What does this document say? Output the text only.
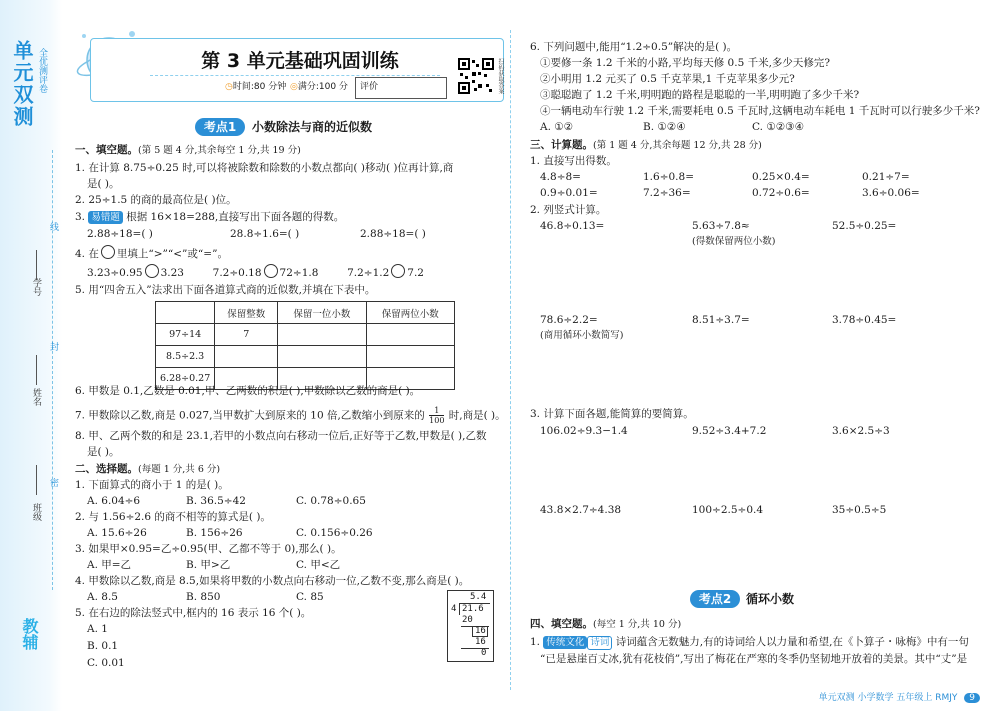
单元双测 全优测评卷
学号
姓名
班级
线
封
密
教辅
第 3 单元基础巩固训练
◷时间:80 分钟 ◎满分:100 分 评价	扫码获取答案
考点1	小数除法与商的近似数
一、填空题。(第 5 题 4 分,其余每空 1 分,共 19 分)
1. 在计算 8.75÷0.25 时,可以将被除数和除数的小数点都向( )移动( )位再计算,商
是( )。
2. 25÷1.5 的商的最高位是( )位。
3. 易错题 根据 16×18=288,直接写出下面各题的得数。
2.88÷18=( )	28.8÷1.6=( )	2.88÷18=( )
4. 在 里填上“>”“<”或“=”。
3.23÷0.95 3.23	7.2÷0.18 72÷1.8	7.2÷1.2 7.2
5. 用“四舍五入”法求出下面各道算式商的近似数,并填在下表中。
	保留整数	保留一位小数	保留两位小数
97÷14	7		
8.5÷2.3			
6.28÷0.27			
6. 甲数是 0.1,乙数是 0.01,甲、乙两数的积是( ),甲数除以乙数的商是( )。
7. 甲数除以乙数,商是 0.027,当甲数扩大到原来的 10 倍,乙数缩小到原来的 $\frac{1}{100}$ 时,商是( )。
8. 甲、乙两个数的和是 23.1,若甲的小数点向右移动一位后,正好等于乙数,甲数是( ),乙数
是( )。
二、选择题。(每题 1 分,共 6 分)
1. 下面算式的商小于 1 的是( )。
A. 6.04÷6	B. 36.5÷42	C. 0.78÷0.65
2. 与 1.56÷2.6 的商不相等的算式是( )。
A. 15.6÷26	B. 156÷26	C. 0.156÷0.26
3. 如果甲×0.95=乙÷0.95(甲、乙都不等于 0),那么( )。
A. 甲=乙	B. 甲>乙	C. 甲<乙
4. 甲数除以乙数,商是 8.5,如果将甲数的小数点向右移动一位,乙数不变,那么商是( )。
A. 8.5	B. 850	C. 85
5. 在右边的除法竖式中,框内的 16 表示 16 个( )。
A. 1
B. 0.1
C. 0.01
5.4
4 21.6
20
16
16
0
6. 下列问题中,能用“1.2÷0.5”解决的是( )。
①要修一条 1.2 千米的小路,平均每天修 0.5 千米,多少天修完?
②小明用 1.2 元买了 0.5 千克苹果,1 千克苹果多少元?
③聪聪跑了 1.2 千米,明明跑的路程是聪聪的一半,明明跑了多少千米?
④一辆电动车行驶 1.2 千米,需要耗电 0.5 千瓦时,这辆电动车耗电 1 千瓦时可以行驶多少千米?
A. ①②	B. ①②④	C. ①②③④
三、计算题。(第 1 题 4 分,其余每题 12 分,共 28 分)
1. 直接写出得数。
4.8÷8=	1.6÷0.8=	0.25×0.4=	0.21÷7=
0.9÷0.01=	7.2÷36=	0.72÷0.6=	3.6÷0.06=
2. 列竖式计算。
46.8÷0.13=	5.63÷7.8≈	52.5÷0.25=
(得数保留两位小数)
78.6÷2.2=	8.51÷3.7=	3.78÷0.45=
(商用循环小数简写)
3. 计算下面各题,能简算的要简算。
106.02÷9.3−1.4	9.52÷3.4+7.2	3.6×2.5÷3
43.8×2.7÷4.38	100÷2.5÷0.4	35÷0.5÷5
考点2	循环小数
四、填空题。(每空 1 分,共 10 分)
1. 传统文化 诗词 诗词蕴含无数魅力,有的诗词给人以力量和希望,在《卜算子・咏梅》中有一句
“已是悬崖百丈冰,犹有花枝俏”,写出了梅花在严寒的冬季仍坚韧地开放着的美景。其中“丈”是
单元双测 小学数学 五年级上 RMJY 9
